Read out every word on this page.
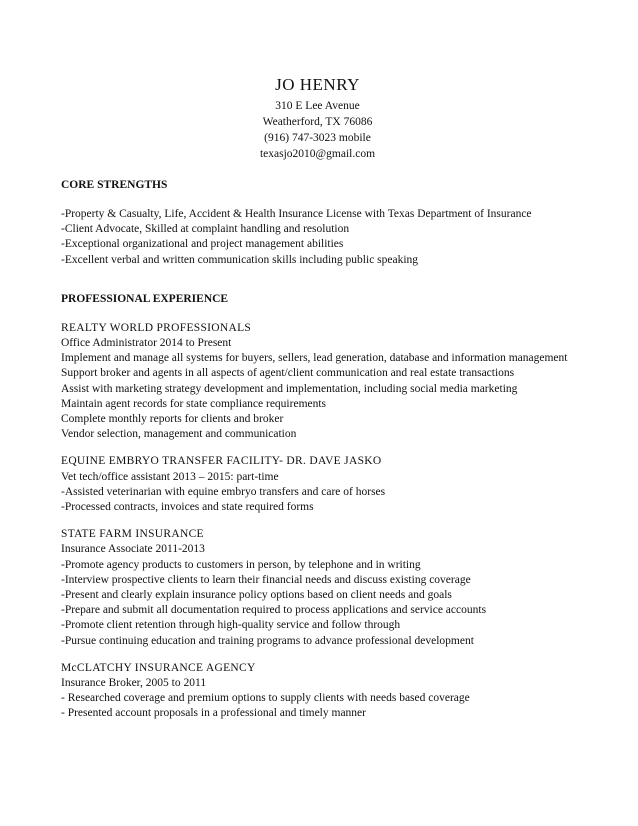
JO HENRY
310 E Lee Avenue
Weatherford, TX 76086
(916) 747-3023 mobile
texasjo2010@gmail.com
CORE STRENGTHS
-Property & Casualty, Life, Accident & Health Insurance License with Texas Department of Insurance
-Client Advocate, Skilled at complaint handling and resolution
-Exceptional organizational and project management abilities
-Excellent verbal and written communication skills including public speaking
PROFESSIONAL EXPERIENCE
REALTY WORLD PROFESSIONALS
Office Administrator 2014 to Present
Implement and manage all systems for buyers, sellers, lead generation, database and information management
Support broker and agents in all aspects of agent/client communication and real estate transactions
Assist with marketing strategy development and implementation, including social media marketing
Maintain agent records for state compliance requirements
Complete monthly reports for clients and broker
Vendor selection, management and communication
EQUINE EMBRYO TRANSFER FACILITY- DR. DAVE JASKO
Vet tech/office assistant 2013 – 2015: part-time
-Assisted veterinarian with equine embryo transfers and care of horses
-Processed contracts, invoices and state required forms
STATE FARM INSURANCE
Insurance Associate 2011-2013
-Promote agency products to customers in person, by telephone and in writing
-Interview prospective clients to learn their financial needs and discuss existing coverage
-Present and clearly explain insurance policy options based on client needs and goals
-Prepare and submit all documentation required to process applications and service accounts
-Promote client retention through high-quality service and follow through
-Pursue continuing education and training programs to advance professional development
McCLATCHY INSURANCE AGENCY
Insurance Broker, 2005 to 2011
- Researched coverage and premium options to supply clients with needs based coverage
- Presented account proposals in a professional and timely manner
